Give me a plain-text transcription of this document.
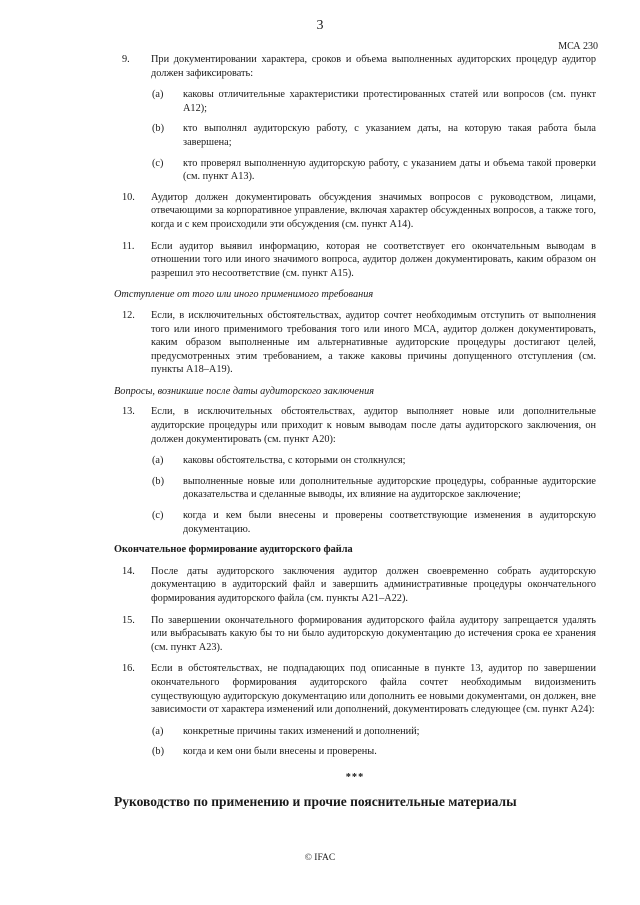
3
МСА 230
9. При документировании характера, сроков и объема выполненных аудиторских процедур аудитор должен зафиксировать:
(a) каковы отличительные характеристики протестированных статей или вопросов (см. пункт А12);
(b) кто выполнял аудиторскую работу, с указанием даты, на которую такая работа была завершена;
(c) кто проверял выполненную аудиторскую работу, с указанием даты и объема такой проверки (см. пункт А13).
10. Аудитор должен документировать обсуждения значимых вопросов с руководством, лицами, отвечающими за корпоративное управление, включая характер обсужденных вопросов, а также того, когда и с кем происходили эти обсуждения (см. пункт А14).
11. Если аудитор выявил информацию, которая не соответствует его окончательным выводам в отношении того или иного значимого вопроса, аудитор должен документировать, каким образом он разрешил это несоответствие (см. пункт А15).
Отступление от того или иного применимого требования
12. Если, в исключительных обстоятельствах, аудитор сочтет необходимым отступить от выполнения того или иного применимого требования того или иного МСА, аудитор должен документировать, каким образом выполненные им альтернативные аудиторские процедуры достигают целей, предусмотренных этим требованием, а также каковы причины допущенного отступления (см. пункты А18–А19).
Вопросы, возникшие после даты аудиторского заключения
13. Если, в исключительных обстоятельствах, аудитор выполняет новые или дополнительные аудиторские процедуры или приходит к новым выводам после даты аудиторского заключения, он должен документировать (см. пункт А20):
(a) каковы обстоятельства, с которыми он столкнулся;
(b) выполненные новые или дополнительные аудиторские процедуры, собранные аудиторские доказательства и сделанные выводы, их влияние на аудиторское заключение;
(c) когда и кем были внесены и проверены соответствующие изменения в аудиторскую документацию.
Окончательное формирование аудиторского файла
14. После даты аудиторского заключения аудитор должен своевременно собрать аудиторскую документацию в аудиторский файл и завершить административные процедуры окончательного формирования аудиторского файла (см. пункты А21–А22).
15. По завершении окончательного формирования аудиторского файла аудитору запрещается удалять или выбрасывать какую бы то ни было аудиторскую документацию до истечения срока ее хранения (см. пункт А23).
16. Если в обстоятельствах, не подпадающих под описанные в пункте 13, аудитор по завершении окончательного формирования аудиторского файла сочтет необходимым видоизменить существующую аудиторскую документацию или дополнить ее новыми документами, он должен, вне зависимости от характера изменений или дополнений, документировать следующее (см. пункт А24):
(a) конкретные причины таких изменений и дополнений;
(b) когда и кем они были внесены и проверены.
***
Руководство по применению и прочие пояснительные материалы
© IFAC
